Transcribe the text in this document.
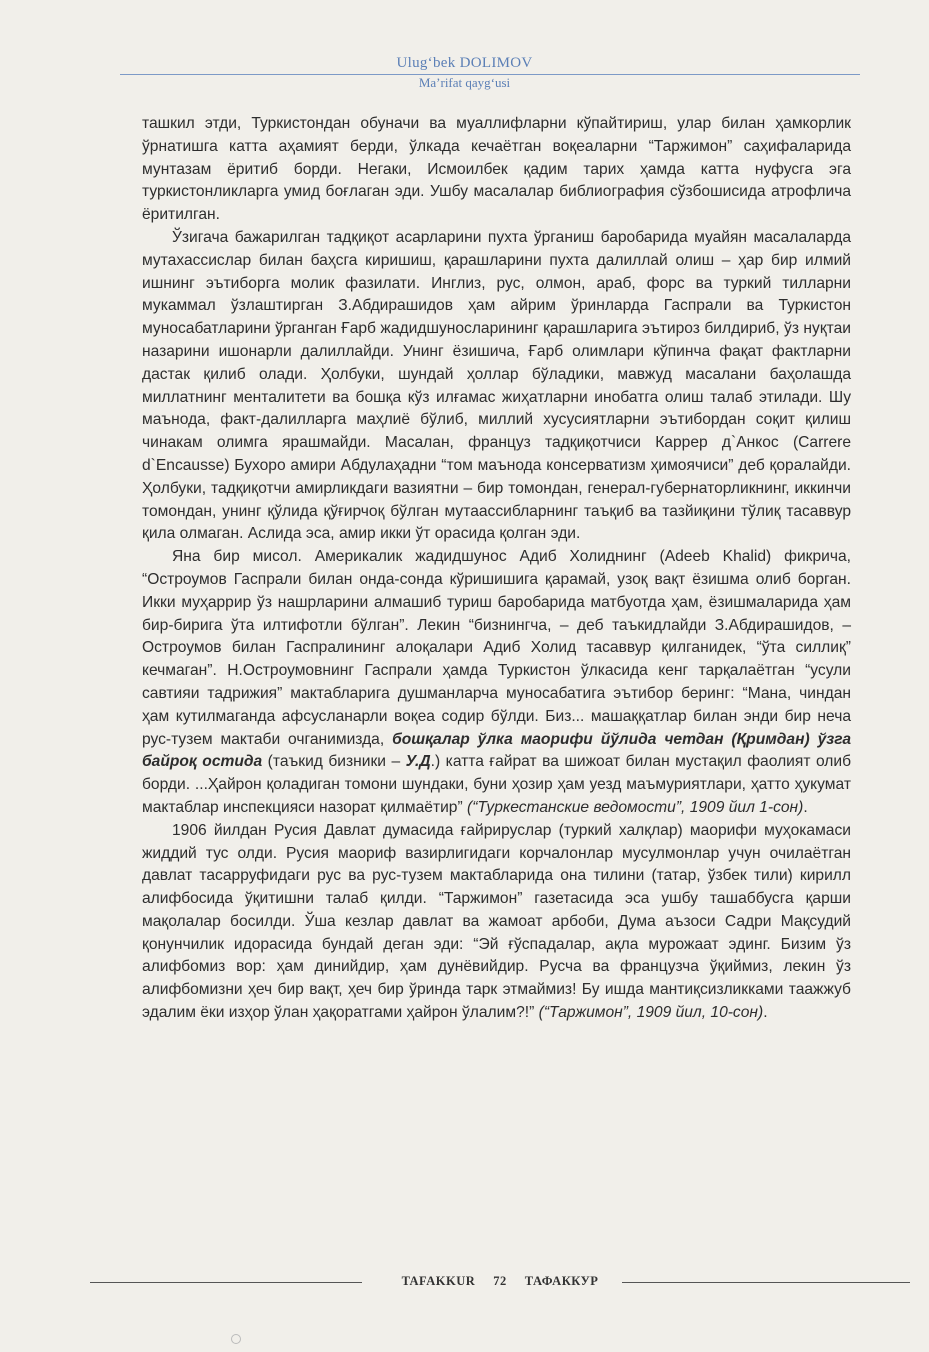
Ulug‘bek DOLIMOV
Ma’rifat qayg‘usi

ташкил этди, Туркистондан обуначи ва муаллифларни кўпайтириш, улар билан ҳамкорлик ўрнатишга катта аҳамият берди, ўлкада кечаётган воқеаларни “Таржимон” саҳифаларида мунтазам ёритиб борди. Негаки, Исмоилбек қадим тарих ҳамда катта нуфусга эга туркистонликларга умид боғлаган эди. Ушбу масалалар библиография сўзбошисида атрофлича ёритилган.

Ўзигача бажарилган тадқиқот асарларини пухта ўрганиш баробарида муайян масалаларда мутахассислар билан баҳсга киришиш, қарашларини пухта далиллай олиш – ҳар бир илмий ишнинг эътиборга молик фазилати. Инглиз, рус, олмон, араб, форс ва туркий тилларни мукаммал ўзлаштирган З.Абдирашидов ҳам айрим ўринларда Гаспрали ва Туркистон муносабатларини ўрганган Ғарб жадидшуносларининг қарашларига эътироз билдириб, ўз нуқтаи назарини ишонарли далиллайди. Унинг ёзишича, Ғарб олимлари кўпинча фақат фактларни дастак қилиб олади. Ҳолбуки, шундай ҳоллар бўладики, мавжуд масалани баҳолашда миллатнинг менталитети ва бошқа кўз илғамас жиҳатларни инобатга олиш талаб этилади. Шу маънода, факт-далилларга маҳлиё бўлиб, миллий хусусиятларни эътибордан соқит қилиш чинакам олимга ярашмайди. Масалан, француз тадқиқотчиси Каррер д`Анкос (Carrere d`Encausse) Бухоро амири Абдулаҳадни “том маънода консерватизм ҳимоячиси” деб қоралайди. Ҳолбуки, тадқиқотчи амирликдаги вазиятни – бир томондан, генерал-губернаторликнинг, иккинчи томондан, унинг қўлида қўғирчоқ бўлган мутаассибларнинг таъқиб ва тазйиқини тўлиқ тасаввур қила олмаган. Аслида эса, амир икки ўт орасида қолган эди.

Яна бир мисол. Америкалик жадидшунос Адиб Холиднинг (Adeeb Khalid) фикрича, “Остроумов Гаспрали билан онда-сонда кўришишига қарамай, узоқ вақт ёзишма олиб борган. Икки муҳаррир ўз нашрларини алмашиб туриш баробарида матбуотда ҳам, ёзишмаларида ҳам бир-бирига ўта илтифотли бўлган”. Лекин “бизнингча, – деб таъкидлайди З.Абдирашидов, – Остроумов билан Гаспралининг алоқалари Адиб Холид тасаввур қилганидек, “ўта силлиқ” кечмаган”. Н.Остроумовнинг Гаспрали ҳамда Туркистон ўлкасида кенг тарқалаётган “усули савтияи тадрижия” мактабларига душманларча муносабатига эътибор беринг: “Мана, чиндан ҳам кутилмаганда афсусланарли воқеа содир бўлди. Биз... машаққатлар билан энди бир неча рус-тузем мактаби очганимизда, бошқалар ўлка маорифи йўлида четдан (Қримдан) ўзга байроқ остида (таъкид бизники – У.Д.) катта ғайрат ва шижоат билан мустақил фаолият олиб борди. ...Ҳайрон қоладиган томони шундаки, буни ҳозир ҳам уезд маъмуриятлари, ҳатто ҳукумат мактаблар инспекцияси назорат қилмаётир” (“Туркестанские ведомости”, 1909 йил 1-сон).

1906 йилдан Русия Давлат думасида ғайрируслар (туркий халқлар) маорифи муҳокамаси жиддий тус олди. Русия маориф вазирлигидаги корчалонлар мусулмонлар учун очилаётган давлат тасарруфидаги рус ва рус-тузем мактабларида она тилини (татар, ўзбек тили) кирилл алифбосида ўқитишни талаб қилди. “Таржимон” газетасида эса ушбу ташаббусга қарши мақолалар босилди. Ўша кезлар давлат ва жамоат арбоби, Дума аъзоси Садри Мақсудий қонунчилик идорасида бундай деган эди: “Эй ғўспадалар, ақла мурожаат эдинг. Бизим ўз алифбомиз вор: ҳам динийдир, ҳам дунёвийдир. Русча ва французча ўқиймиз, лекин ўз алифбомизни ҳеч бир вақт, ҳеч бир ўринда тарк этмаймиз! Бу ишда мантиқсизликками таажжуб эдалим ёки изҳор ўлан ҳақоратгами ҳайрон ўлалим?!” (“Таржимон”, 1909 йил, 10-сон).

TAFAKKUR 72 ТАФАККУР
